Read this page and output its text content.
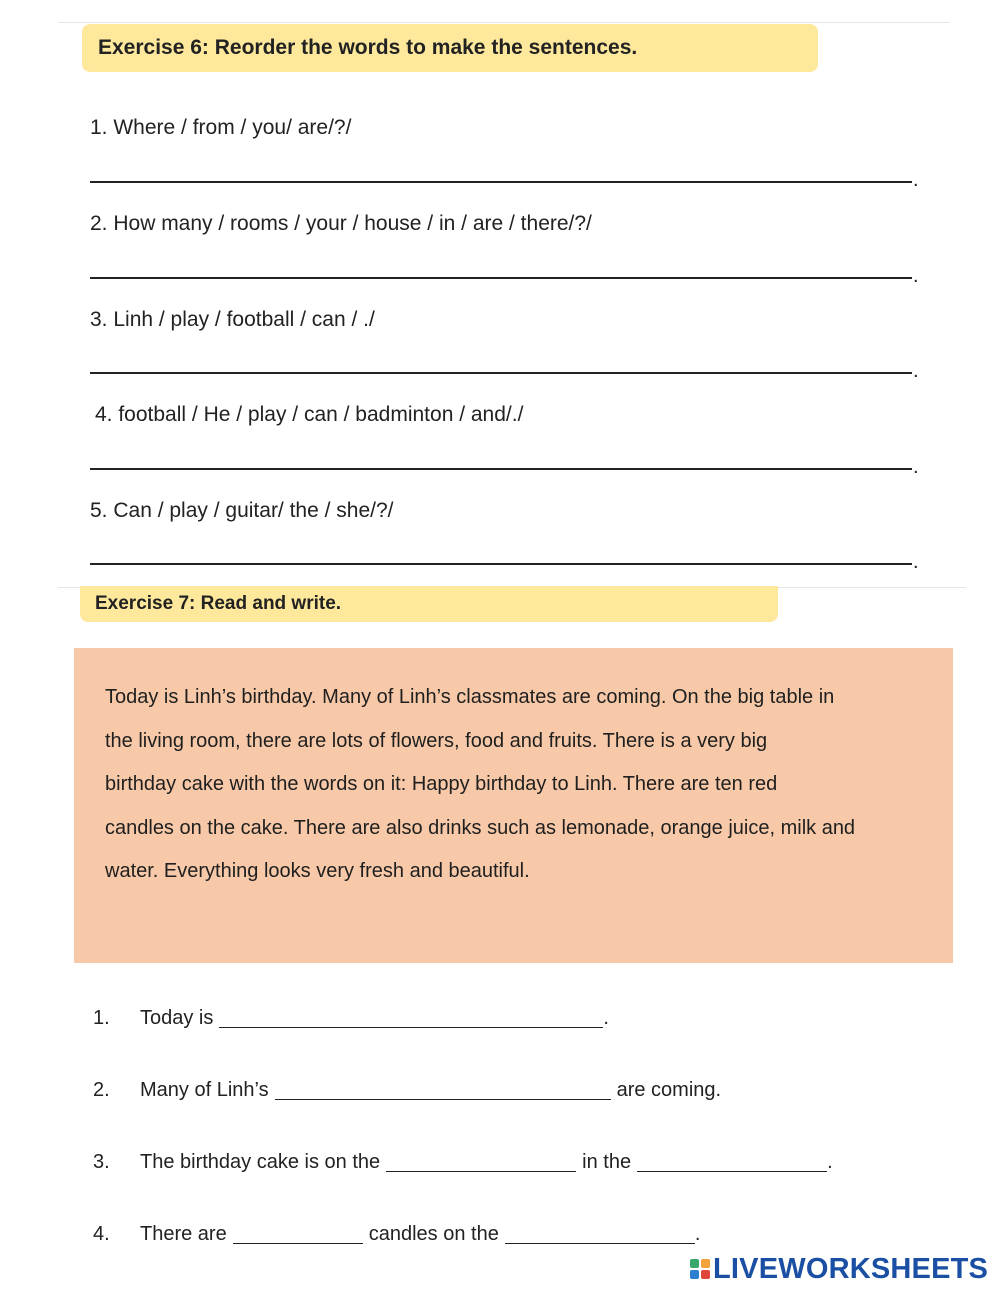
Exercise 6: Reorder the words to make the sentences.
1. Where / from / you/ are/?/
.
2. How many / rooms / your / house / in / are / there/?/
.
3. Linh / play / football / can / ./
.
4. football / He / play / can / badminton / and/./
.
5. Can / play / guitar/ the / she/?/
.
Exercise 7: Read and write.

Today is Linh’s birthday. Many of Linh’s classmates are coming. On the big table in

the living room, there are lots of flowers, food and fruits. There is a very big

birthday cake with the words on it: Happy birthday to Linh. There are ten red

candles on the cake. There are also drinks such as lemonade, orange juice, milk and

water. Everything looks very fresh and beautiful.

1. Today is	.
2. Many of Linh’s	are coming.
3. The birthday cake is on the	in the	.
4. There are	candles on the	.
LIVEWORKSHEETS
